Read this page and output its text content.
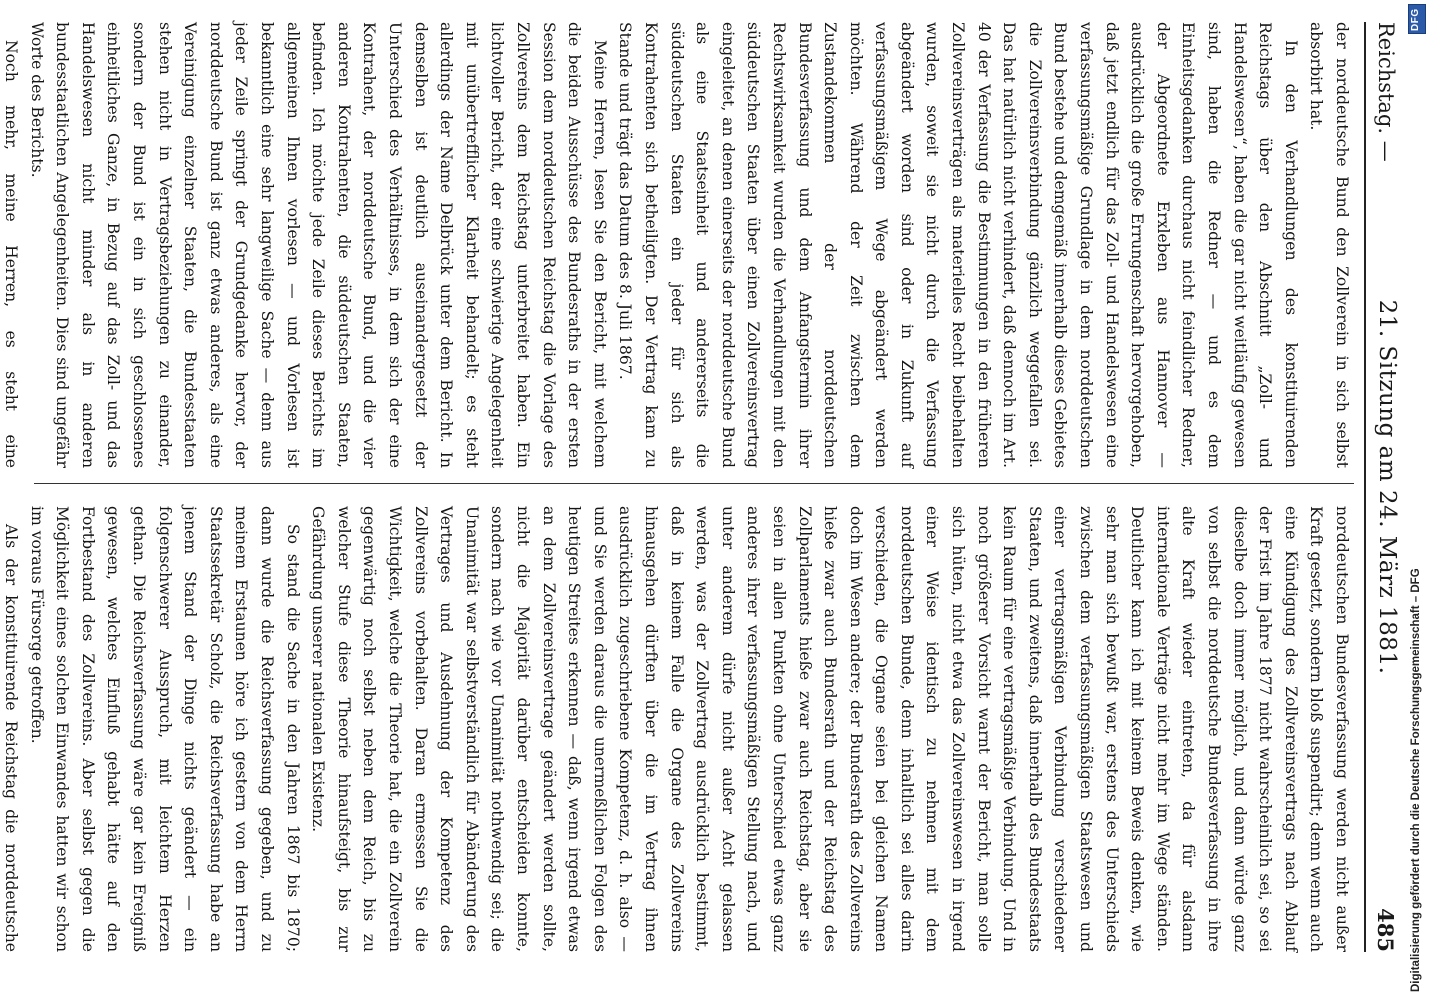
Reichstag. —
21. Sitzung am 24. März 1881.
485

der norddeutsche Bund den Zollverein in sich selbst absorbirt hat.

In den Verhandlungen des konstituirenden Reichstags über den Abschnitt „Zoll- und Handelswesen“, haben die gar nicht weitläufig gewesen sind, haben die Redner — und es dem Einheitsgedanken durchaus nicht feindlicher Redner, der Abgeordnete Erxleben aus Hannover — ausdrücklich die große Errungenschaft hervorgehoben, daß jetzt endlich für das Zoll- und Handelswesen eine verfassungsmäßige Grundlage in dem norddeutschen Bund bestehe und demgemäß innerhalb dieses Gebietes die Zollvereinsverbindung gänzlich weggefallen sei. Das hat natürlich nicht verhindert, daß dennoch im Art. 40 der Verfassung die Bestimmungen in den früheren Zollvereinsverträgen als materielles Recht beibehalten wurden, soweit sie nicht durch die Verfassung abgeändert worden sind oder in Zukunft auf verfassungsmäßigem Wege abgeändert werden möchten. Während der Zeit zwischen dem Zustandekommen der norddeutschen Bundesverfassung und dem Anfangstermin ihrer Rechtswirksamkeit wurden die Verhandlungen mit den süddeutschen Staaten über einen Zollvereinsvertrag eingeleitet, an denen einerseits der norddeutsche Bund als eine Staatseinheit und andererseits die süddeutschen Staaten ein jeder für sich als Kontrahenten sich betheiligten. Der Vertrag kam zu Stande und trägt das Datum des 8. Juli 1867.

Meine Herren, lesen Sie den Bericht, mit welchem die beiden Ausschüsse des Bundesraths in der ersten Session dem norddeutschen Reichstag die Vorlage des Zollvereins dem Reichstag unterbreitet haben. Ein lichtvoller Bericht, der eine schwierige Angelegenheit mit unübertrefflicher Klarheit behandelt; es steht allerdings der Name Delbrück unter dem Bericht. In demselben ist deutlich auseinandergesetzt der Unterschied des Verhältnisses, in dem sich der eine Kontrahent, der norddeutsche Bund, und die vier anderen Kontrahenten, die süddeutschen Staaten, befinden. Ich möchte jede Zeile dieses Berichts im allgemeinen Ihnen vorlesen — und Vorlesen ist bekanntlich eine sehr langweilige Sache — denn aus jeder Zeile springt der Grundgedanke hervor, der norddeutsche Bund ist ganz etwas anderes, als eine Vereinigung einzelner Staaten, die Bundesstaaten stehen nicht in Vertragsbeziehungen zu einander, sondern der Bund ist ein in sich geschlossenes einheitliches Ganze, in Bezug auf das Zoll- und das Handelswesen nicht minder als in anderen bundesstaatlichen Angelegenheiten. Dies sind ungefähr Worte des Berichts.

Noch mehr, meine Herren, es steht eine

norddeutschen Bundesverfassung werden nicht außer Kraft gesetzt, sondern bloß suspendirt; denn wenn auch eine Kündigung des Zollvereinsvertrags nach Ablauf der Frist im Jahre 1877 nicht wahrscheinlich sei, so sei dieselbe doch immer möglich, und dann würde ganz von selbst die norddeutsche Bundesverfassung in ihre alte Kraft wieder eintreten, da für alsdann internationale Verträge nicht mehr im Wege ständen. Deutlicher kann ich mit keinem Beweis denken, wie sehr man sich bewußt war, erstens des Unterschieds zwischen dem verfassungsmäßigen Staatswesen und einer vertragsmäßigen Verbindung verschiedener Staaten, und zweitens, daß innerhalb des Bundesstaats kein Raum für eine vertragsmäßige Verbindung. Und in noch größerer Vorsicht warnt der Bericht, man solle sich hüten, nicht etwa das Zollvereinswesen in irgend einer Weise identisch zu nehmen mit dem norddeutschen Bunde, denn inhaltlich sei alles darin verschieden, die Organe seien bei gleichen Namen doch im Wesen andere; der Bundesrath des Zollvereins hieße zwar auch Bundesrath und der Reichstag des Zollparlaments hieße zwar auch Reichstag, aber sie seien in allen Punkten ohne Unterschied etwas ganz anderes ihrer verfassungsmäßigen Stellung nach, und unter anderem dürfe nicht außer Acht gelassen werden, was der Zollvertrag ausdrücklich bestimmt, daß in keinem Falle die Organe des Zollvereins hinausgehen dürften über die im Vertrag ihnen ausdrücklich zugeschriebene Kompetenz, d. h. also — und Sie werden daraus die unermeßlichen Folgen des heutigen Streites erkennen — daß, wenn irgend etwas an dem Zollvereinsvertrage geändert werden sollte, nicht die Majorität darüber entscheiden konnte, sondern nach wie vor Unanimität nothwendig sei; die Unanimität war selbstverständlich für Abänderung des Vertrages und Ausdehnung der Kompetenz des Zollvereins vorbehalten. Daran ermessen Sie die Wichtigkeit, welche die Theorie hat, die ein Zollverein gegenwärtig noch selbst neben dem Reich, bis zu welcher Stufe diese Theorie hinaufsteigt, bis zur Gefährdung unserer nationalen Existenz.

So stand die Sache in den Jahren 1867 bis 1870; dann wurde die Reichsverfassung gegeben, und zu meinem Erstaunen höre ich gestern von dem Herrn Staatssekretär Scholz, die Reichsverfassung habe an jenem Stand der Dinge nichts geändert — ein folgenschwerer Ausspruch, mit leichtem Herzen gethan. Die Reichsverfassung wäre gar kein Ereigniß gewesen, welches Einfluß gehabt hätte auf den Fortbestand des Zollvereins. Aber selbst gegen die Möglichkeit eines solchen Einwandes hatten wir schon im voraus Fürsorge getroffen.

Als der konstituirende Reichstag die norddeutsche

DFG
Digitalisierung gefördert durch die Deutsche Forschungsgemeinschaft – DFG
